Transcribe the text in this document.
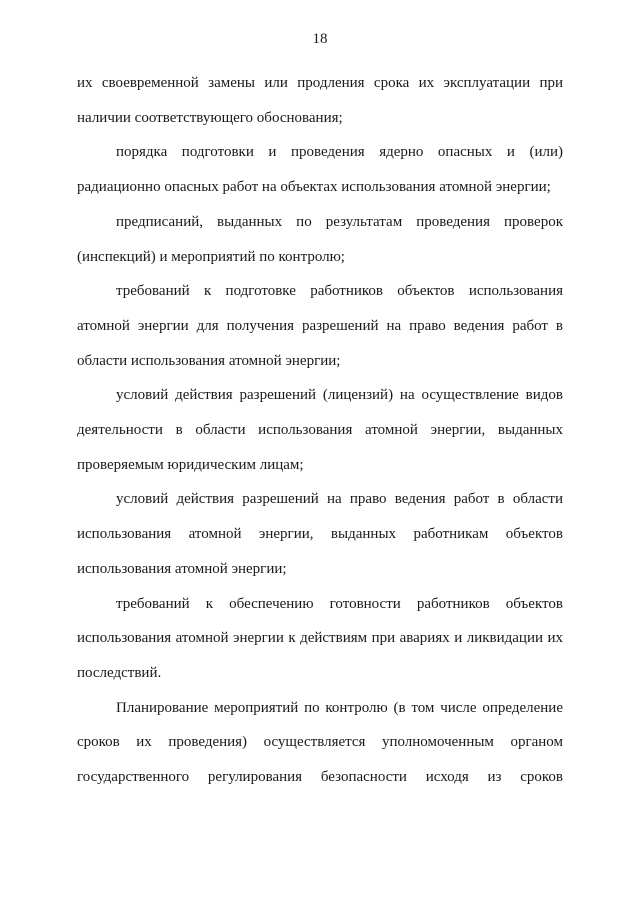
18

их своевременной замены или продления срока их эксплуатации при наличии соответствующего обоснования;

порядка подготовки и проведения ядерно опасных и (или) радиационно опасных работ на объектах использования атомной энергии;

предписаний, выданных по результатам проведения проверок (инспекций) и мероприятий по контролю;

требований к подготовке работников объектов использования атомной энергии для получения разрешений на право ведения работ в области использования атомной энергии;

условий действия разрешений (лицензий) на осуществление видов деятельности в области использования атомной энергии, выданных проверяемым юридическим лицам;

условий действия разрешений на право ведения работ в области использования атомной энергии, выданных работникам объектов использования атомной энергии;

требований к обеспечению готовности работников объектов использования атомной энергии к действиям при авариях и ликвидации их последствий.

Планирование мероприятий по контролю (в том числе определение сроков их проведения) осуществляется уполномоченным органом государственного регулирования безопасности исходя из сроков
